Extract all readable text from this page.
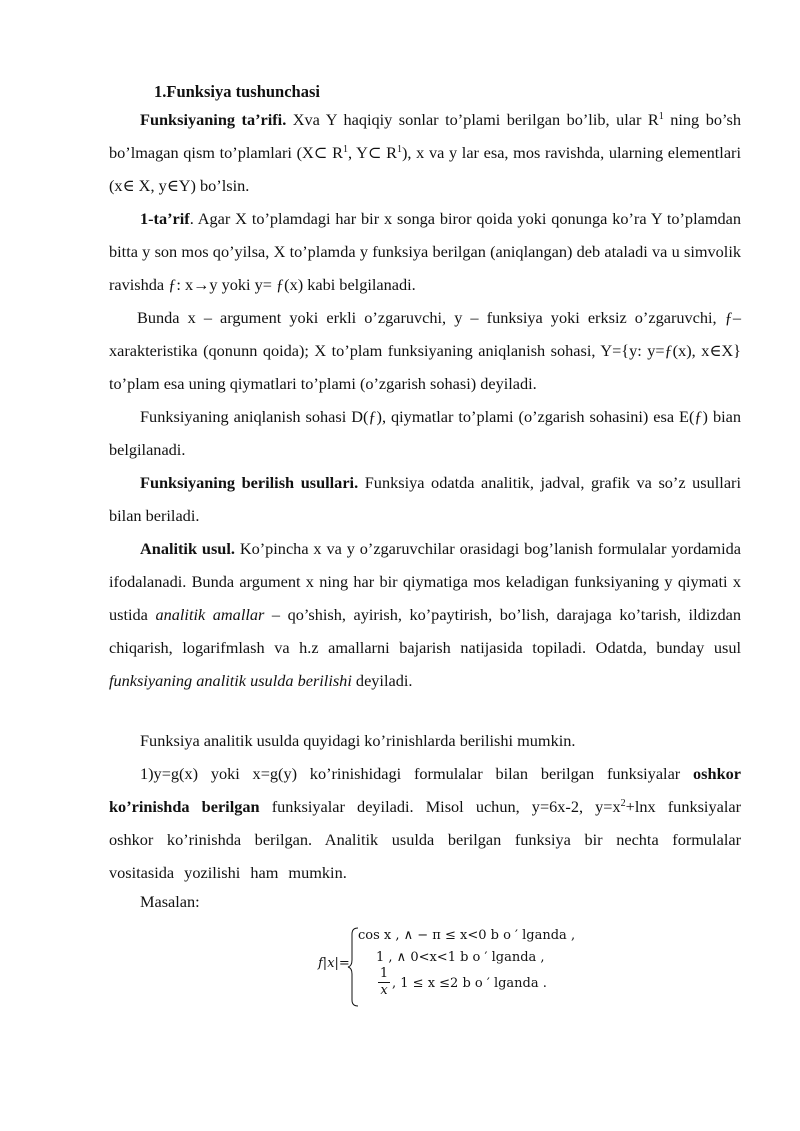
1.Funksiya tushunchasi

Funksiyaning ta’rifi. Xva Y haqiqiy sonlar to’plami berilgan bo’lib, ular $R^1$ ning bo’sh bo’lmagan qism to’plamlari (X⊂ $R^1$, Y⊂ $R^1$), x va y lar esa, mos ravishda, ularning elementlari (x∈ X, y∈Y) bo’lsin.

1-ta’rif. Agar X to’plamdagi har bir x songa biror qoida yoki qonunga ko’ra Y to’plamdan bitta y son mos qo’yilsa, X to’plamda y funksiya berilgan (aniqlangan) deb ataladi va u simvolik ravishda ƒ: x→y yoki y= ƒ(x) kabi belgilanadi.

Bunda x – argument yoki erkli o’zgaruvchi, y – funksiya yoki erksiz o’zgaruvchi, ƒ– xarakteristika (qonunn qoida); X to’plam funksiyaning aniqlanish sohasi, Y={y: y=ƒ(x), x∈X} to’plam esa uning qiymatlari to’plami (o’zgarish sohasi) deyiladi.

Funksiyaning aniqlanish sohasi D(ƒ), qiymatlar to’plami (o’zgarish sohasini) esa E(ƒ) bian belgilanadi.

Funksiyaning berilish usullari. Funksiya odatda analitik, jadval, grafik va so’z usullari bilan beriladi.

Analitik usul. Ko’pincha x va y o’zgaruvchilar orasidagi bog’lanish formulalar yordamida ifodalanadi. Bunda argument x ning har bir qiymatiga mos keladigan funksiyaning y qiymati x ustida analitik amallar – qo’shish, ayirish, ko’paytirish, bo’lish, darajaga ko’tarish, ildizdan chiqarish, logarifmlash va h.z amallarni bajarish natijasida topiladi. Odatda, bunday usul funksiyaning analitik usulda berilishi deyiladi.

Funksiya analitik usulda quyidagi ko’rinishlarda berilishi mumkin.

1)y=g(x) yoki x=g(y) ko’rinishidagi formulalar bilan berilgan funksiyalar oshkor ko’rinishda berilgan funksiyalar deyiladi. Misol uchun, y=6x-2, $y=x^2+\ln x$ funksiyalar oshkor ko’rinishda berilgan. Analitik usulda berilgan funksiya bir nechta formulalar vositasida yozilishi ham mumkin.

Masalan:

f|x|=
cos x , ∧ − π ≤ x<0 b o ′ lganda ,
1 , ∧ 0<x<1 b o ′ lganda ,
1
x , 1 ≤ x ≤2 b o ′ lganda .
